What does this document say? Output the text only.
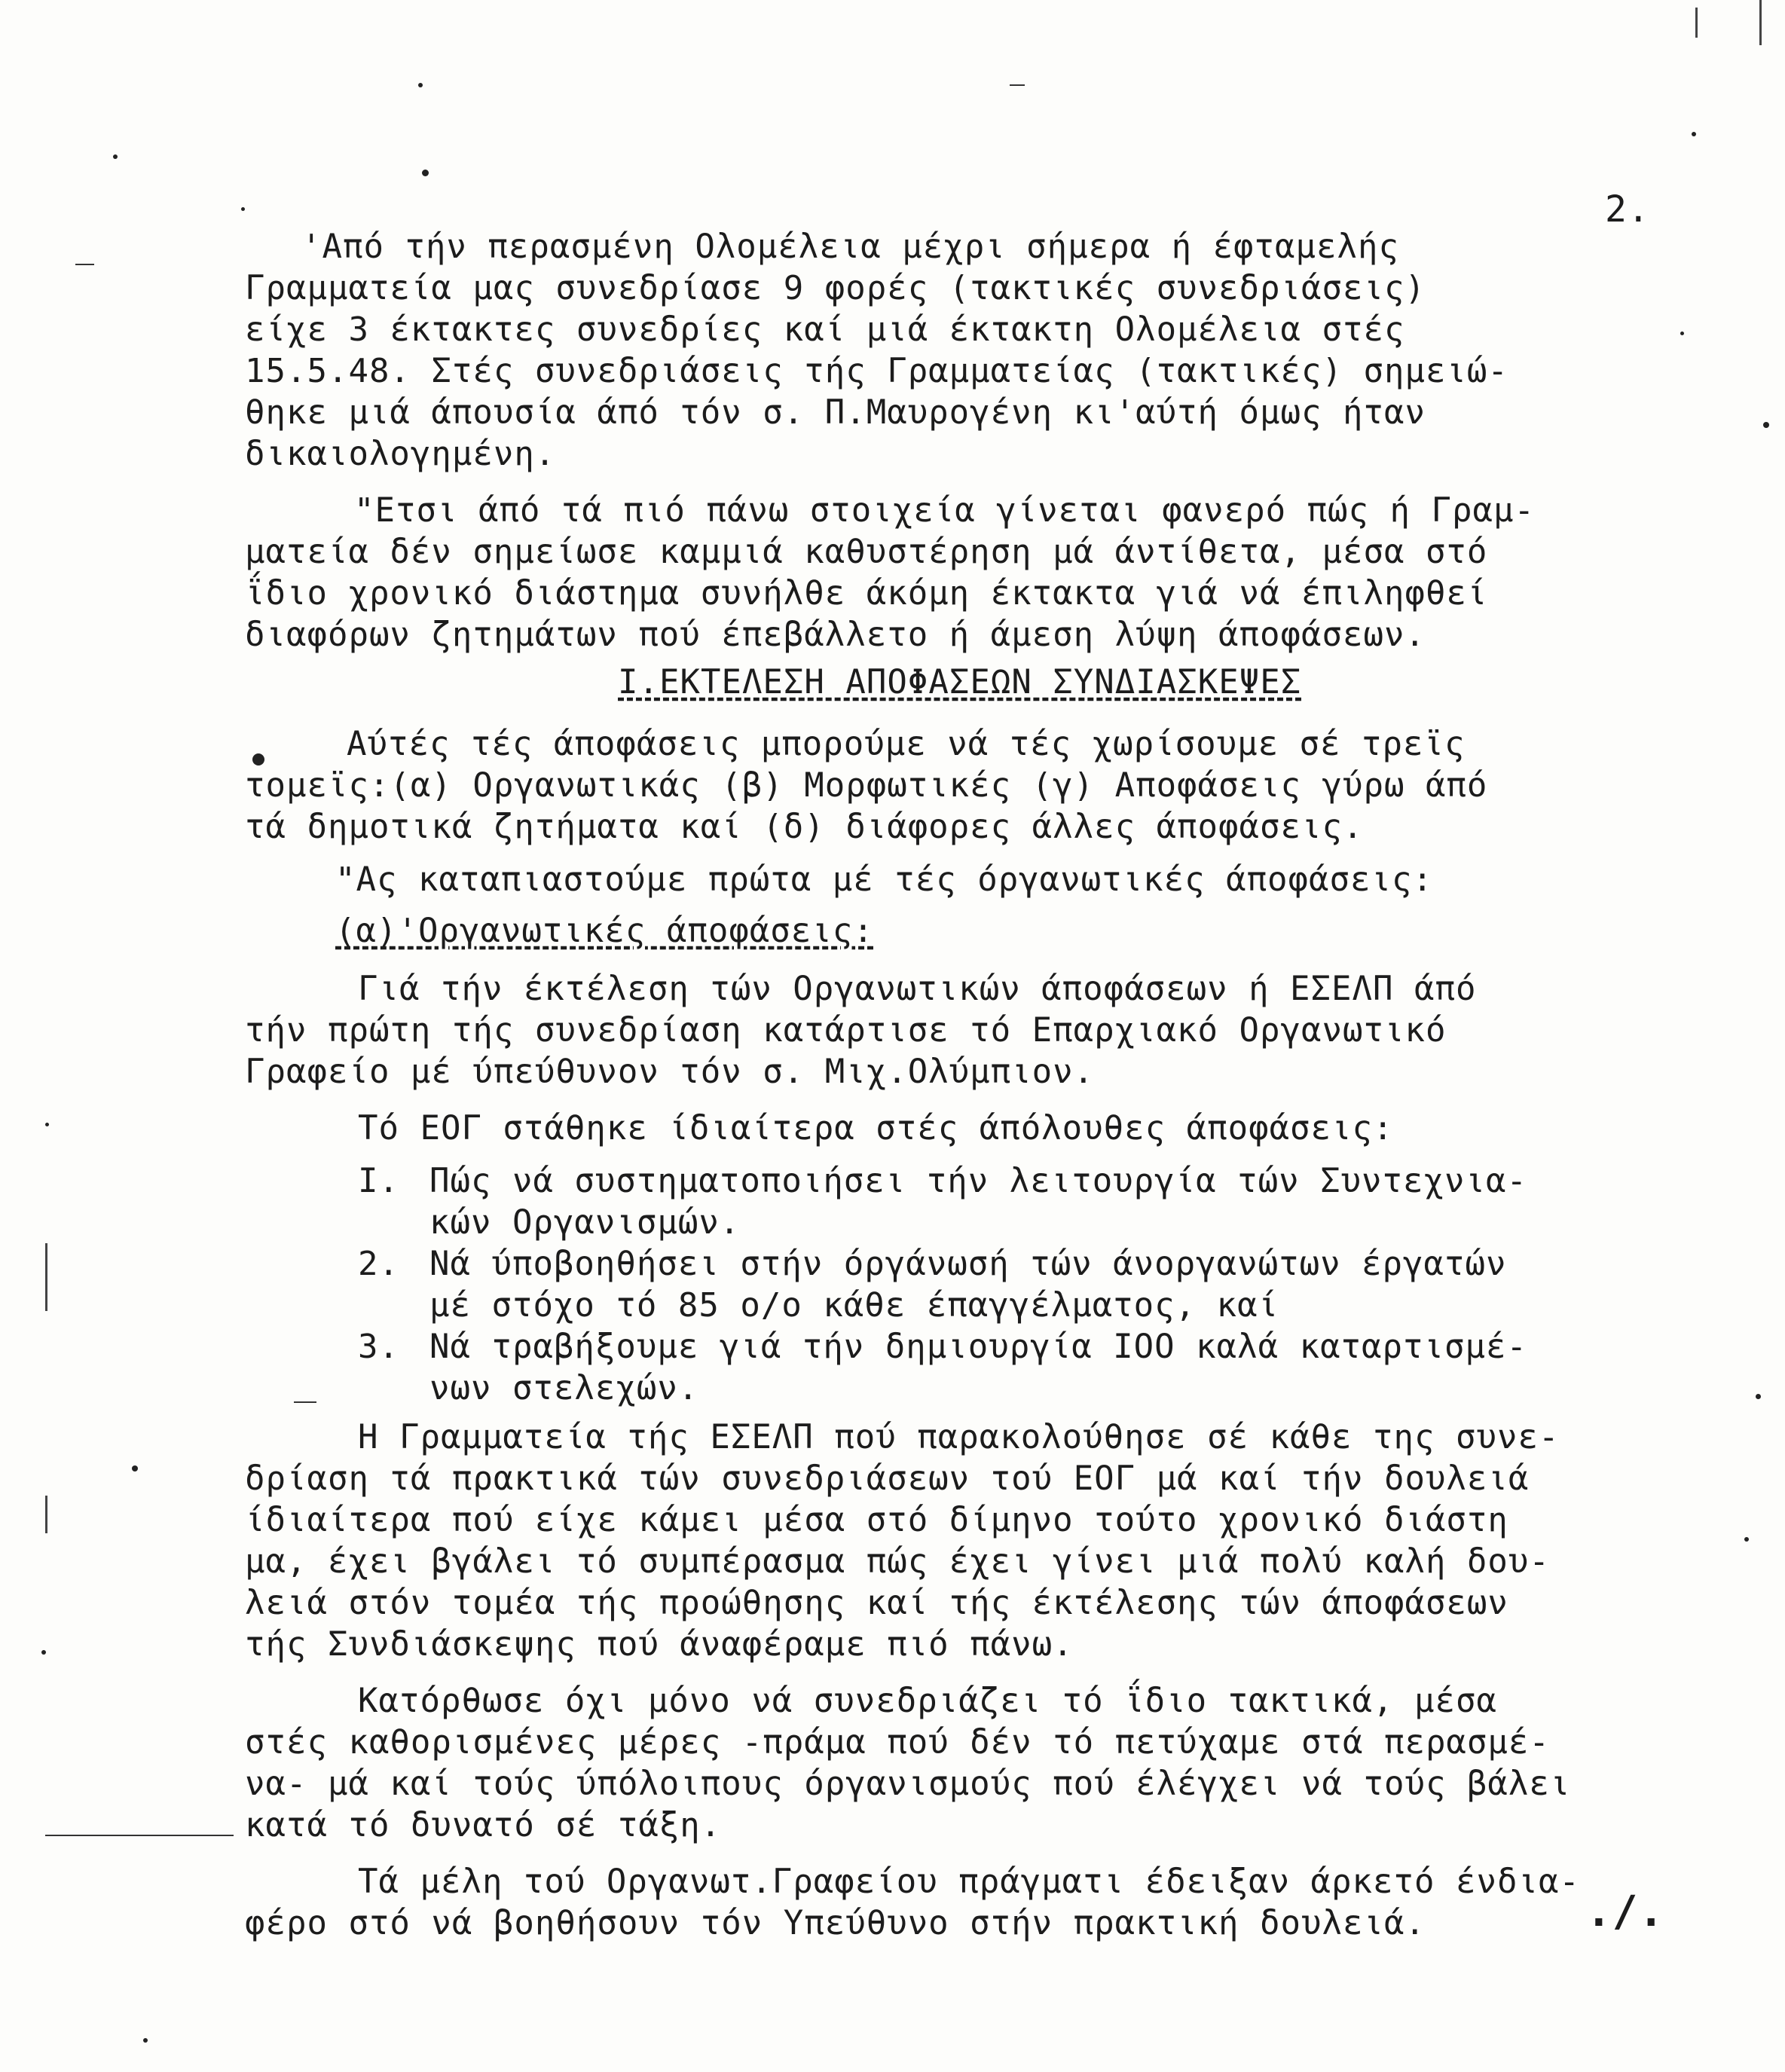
2.
'Από τήν περασμένη Ολομέλεια μέχρι σήμερα ή έφταμελής
Γραμματεία μας συνεδρίασε 9 φορές (τακτικές συνεδριάσεις)
είχε 3 έκτακτες συνεδρίες καί μιά έκτακτη Ολομέλεια στές
15.5.48. Στές συνεδριάσεις τής Γραμματείας (τακτικές) σημειώ-
θηκε μιά άπουσία άπό τόν σ. Π.Μαυρογένη κι'αύτή όμως ήταν
δικαιολογημένη.
"Ετσι άπό τά πιό πάνω στοιχεία γίνεται φανερό πώς ή Γραμ-
ματεία δέν σημείωσε καμμιά καθυστέρηση μά άντίθετα, μέσα στό
ΐδιο χρονικό διάστημα συνήλθε άκόμη έκτακτα γιά νά έπιληφθεί
διαφόρων ζητημάτων πού έπεβάλλετο ή άμεση λύψη άποφάσεων.
Ι.ΕΚΤΕΛΕΣΗ ΑΠΟΦΑΣΕΩΝ ΣΥΝΔΙΑΣΚΕΨΕΣ
Αύτές τές άποφάσεις μπορούμε νά τές χωρίσουμε σέ τρεϊς
τομεϊς:(α) Οργανωτικάς (β) Μορφωτικές (γ) Αποφάσεις γύρω άπό
τά δημοτικά ζητήματα καί (δ) διάφορες άλλες άποφάσεις.
"Ας καταπιαστούμε πρώτα μέ τές όργανωτικές άποφάσεις:
(α)'Οργανωτικές άποφάσεις:
Γιά τήν έκτέλεση τών Οργανωτικών άποφάσεων ή ΕΣΕΛΠ άπό
τήν πρώτη τής συνεδρίαση κατάρτισε τό Επαρχιακό Οργανωτικό
Γραφείο μέ ύπεύθυνον τόν σ. Μιχ.Ολύμπιον.
Τό ΕΟΓ στάθηκε ίδιαίτερα στές άπόλουθες άποφάσεις:
Ι. Πώς νά συστηματοποιήσει τήν λειτουργία τών Συντεχνια-
κών Οργανισμών.
2. Νά ύποβοηθήσει στήν όργάνωσή τών άνοργανώτων έργατών
μέ στόχο τό 85 ο/ο κάθε έπαγγέλματος, καί
3. Νά τραβήξουμε γιά τήν δημιουργία ΙΟΟ καλά καταρτισμέ-
νων στελεχών.
Η Γραμματεία τής ΕΣΕΛΠ πού παρακολούθησε σέ κάθε της συνε-
δρίαση τά πρακτικά τών συνεδριάσεων τού ΕΟΓ μά καί τήν δουλειά
ίδιαίτερα πού είχε κάμει μέσα στό δίμηνο τούτο χρονικό διάστη
μα, έχει βγάλει τό συμπέρασμα πώς έχει γίνει μιά πολύ καλή δου-
λειά στόν τομέα τής προώθησης καί τής έκτέλεσης τών άποφάσεων
τής Συνδιάσκεψης πού άναφέραμε πιό πάνω.
Κατόρθωσε όχι μόνο νά συνεδριάζει τό ΐδιο τακτικά, μέσα
στές καθορισμένες μέρες -πράμα πού δέν τό πετύχαμε στά περασμέ-
να- μά καί τούς ύπόλοιπους όργανισμούς πού έλέγχει νά τούς βάλει
κατά τό δυνατό σέ τάξη.
Τά μέλη τού Οργανωτ.Γραφείου πράγματι έδειξαν άρκετό ένδια-
φέρο στό νά βοηθήσουν τόν Υπεύθυνο στήν πρακτική δουλειά.	./.
